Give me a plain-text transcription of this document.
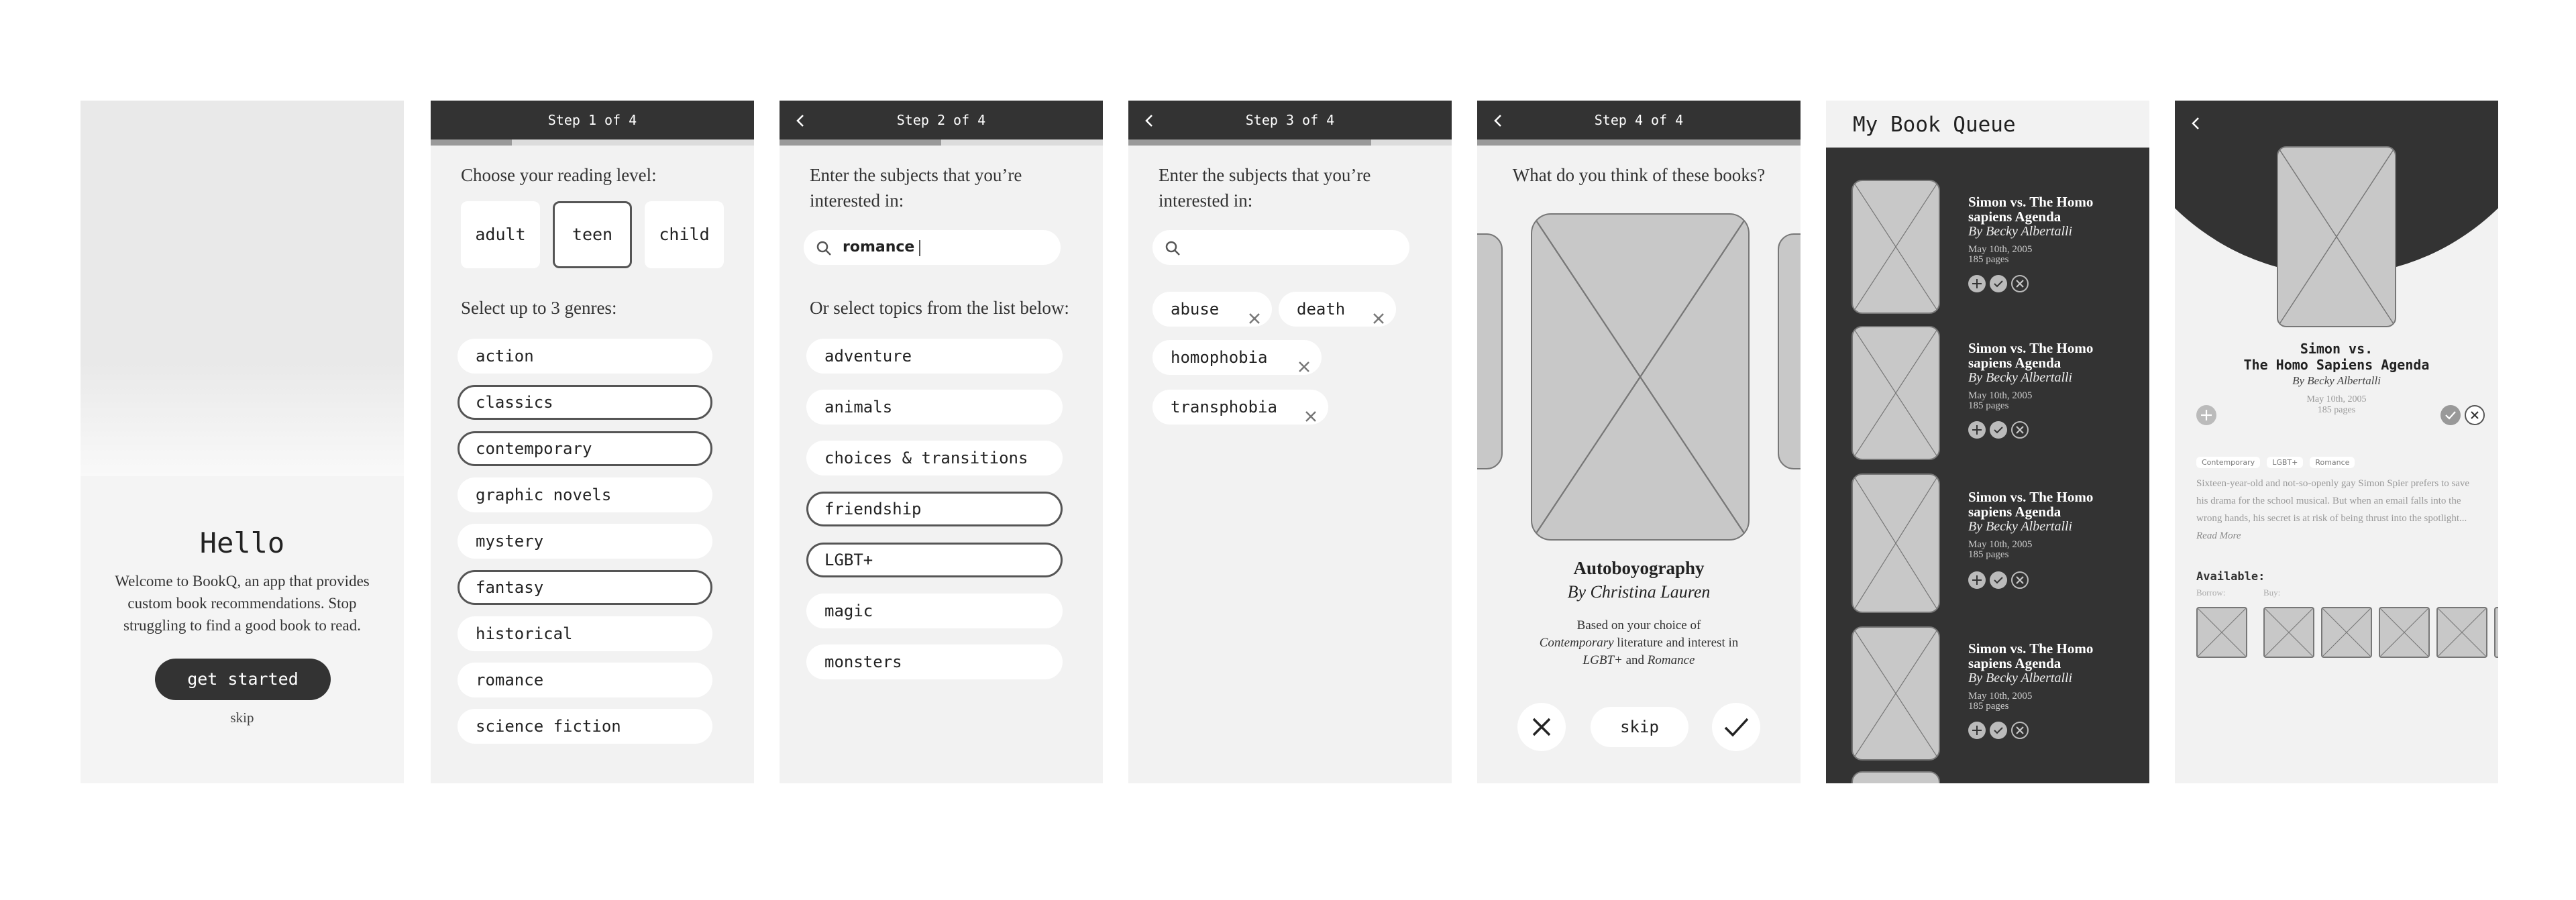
Hello
Welcome to BookQ, an app that provides custom book recommendations. Stop struggling to find a good book to read.
get started
skip
Step 1 of 4
Choose your reading level:
adult	teen	child
Select up to 3 genres:
action
classics
contemporary
graphic novels
mystery
fantasy
historical
romance
science fiction
Step 2 of 4
Enter the subjects that you’re interested in:
romance
Or select topics from the list below:
adventure
animals
choices & transitions
friendship
LGBT+
magic
monsters
Step 3 of 4
Enter the subjects that you’re interested in:
abuse	death
homophobia
transphobia
Step 4 of 4
What do you think of these books?
Autoboyography
By Christina Lauren
Based on your choice of
Contemporary literature and interest in
LGBT+ and Romance
skip
My Book Queue
Simon vs. The Homo sapiens Agenda
By Becky Albertalli
May 10th, 2005
185 pages
Simon vs. The Homo sapiens Agenda
By Becky Albertalli
May 10th, 2005
185 pages
Simon vs. The Homo sapiens Agenda
By Becky Albertalli
May 10th, 2005
185 pages
Simon vs. The Homo sapiens Agenda
By Becky Albertalli
May 10th, 2005
185 pages
Simon vs.
The Homo Sapiens Agenda
By Becky Albertalli
May 10th, 2005
185 pages
Contemporary LGBT+ Romance
Sixteen-year-old and not-so-openly gay Simon Spier prefers to save his drama for the school musical. But when an email falls into the wrong hands, his secret is at risk of being thrust into the spotlight... Read More
Available:
Borrow:	Buy:
